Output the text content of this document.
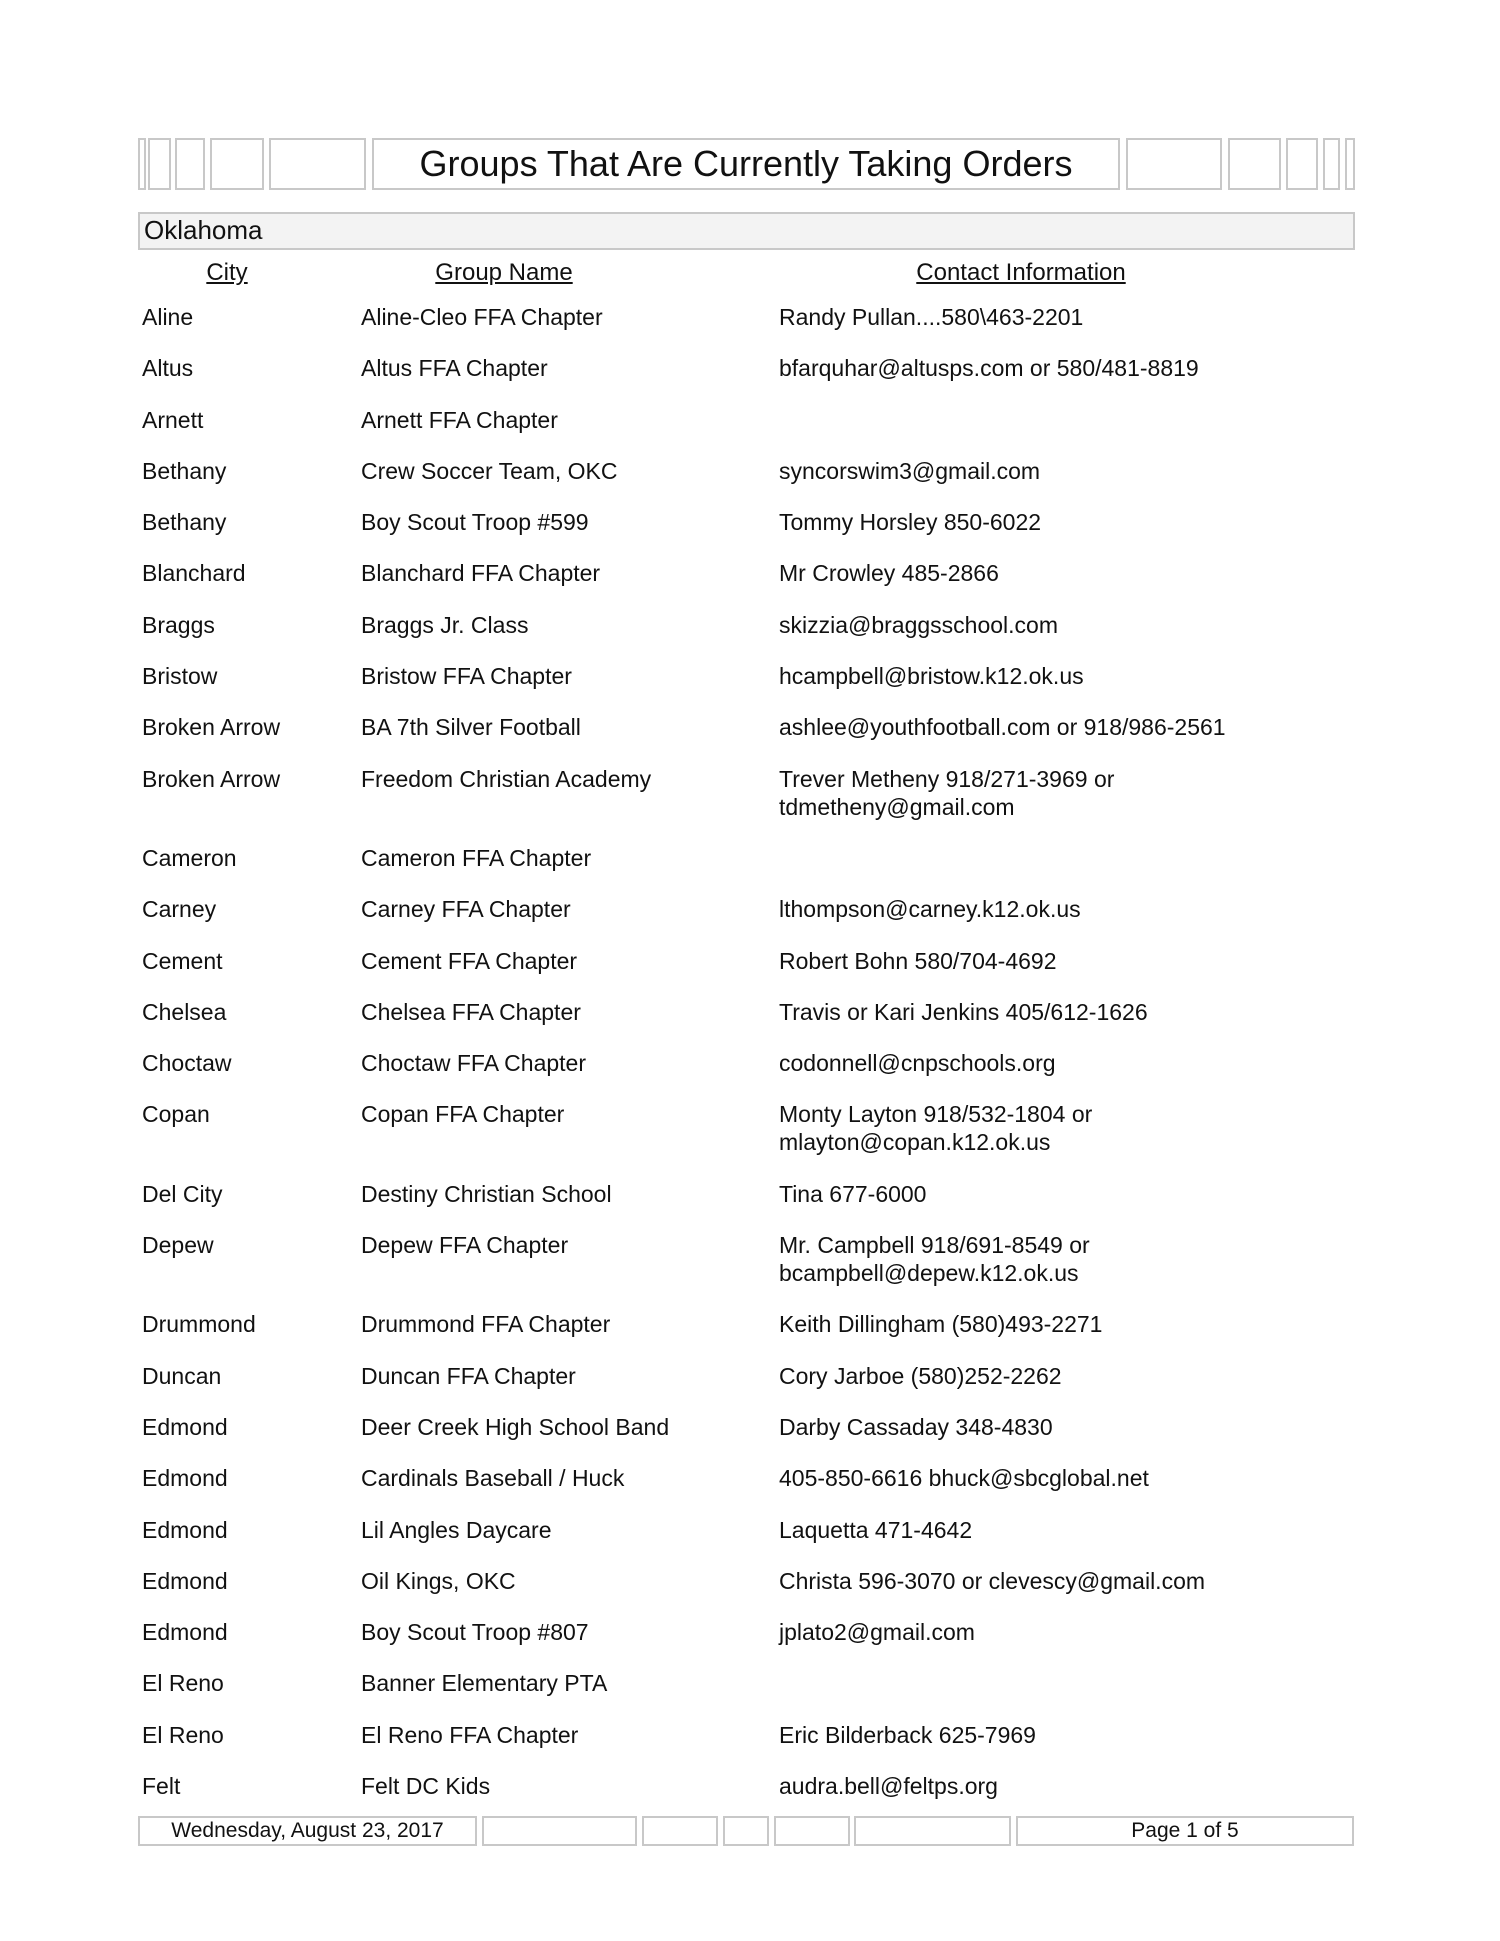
Groups That Are Currently Taking Orders
Oklahoma
City	Group Name	Contact Information
Aline	Aline-Cleo FFA Chapter	Randy Pullan....580\463-2201
Altus	Altus FFA Chapter	bfarquhar@altusps.com or 580/481-8819
Arnett	Arnett FFA Chapter
Bethany	Crew Soccer Team, OKC	syncorswim3@gmail.com
Bethany	Boy Scout Troop #599	Tommy Horsley 850-6022
Blanchard	Blanchard FFA Chapter	Mr Crowley 485-2866
Braggs	Braggs Jr. Class	skizzia@braggsschool.com
Bristow	Bristow FFA Chapter	hcampbell@bristow.k12.ok.us
Broken Arrow	BA 7th Silver Football	ashlee@youthfootball.com or 918/986-2561
Broken Arrow	Freedom Christian Academy	Trever Metheny 918/271-3969 or tdmetheny@gmail.com
Cameron	Cameron FFA Chapter
Carney	Carney FFA Chapter	lthompson@carney.k12.ok.us
Cement	Cement FFA Chapter	Robert Bohn 580/704-4692
Chelsea	Chelsea FFA Chapter	Travis or Kari Jenkins 405/612-1626
Choctaw	Choctaw FFA Chapter	codonnell@cnpschools.org
Copan	Copan FFA Chapter	Monty Layton 918/532-1804 or mlayton@copan.k12.ok.us
Del City	Destiny Christian School	Tina 677-6000
Depew	Depew FFA Chapter	Mr. Campbell 918/691-8549 or bcampbell@depew.k12.ok.us
Drummond	Drummond FFA Chapter	Keith Dillingham (580)493-2271
Duncan	Duncan FFA Chapter	Cory Jarboe (580)252-2262
Edmond	Deer Creek High School Band	Darby Cassaday 348-4830
Edmond	Cardinals Baseball / Huck	405-850-6616 bhuck@sbcglobal.net
Edmond	Lil Angles Daycare	Laquetta 471-4642
Edmond	Oil Kings, OKC	Christa 596-3070 or clevescy@gmail.com
Edmond	Boy Scout Troop #807	jplato2@gmail.com
El Reno	Banner Elementary PTA
El Reno	El Reno FFA Chapter	Eric Bilderback 625-7969
Felt	Felt DC Kids	audra.bell@feltps.org
Wednesday, August 23, 2017	Page 1 of 5
